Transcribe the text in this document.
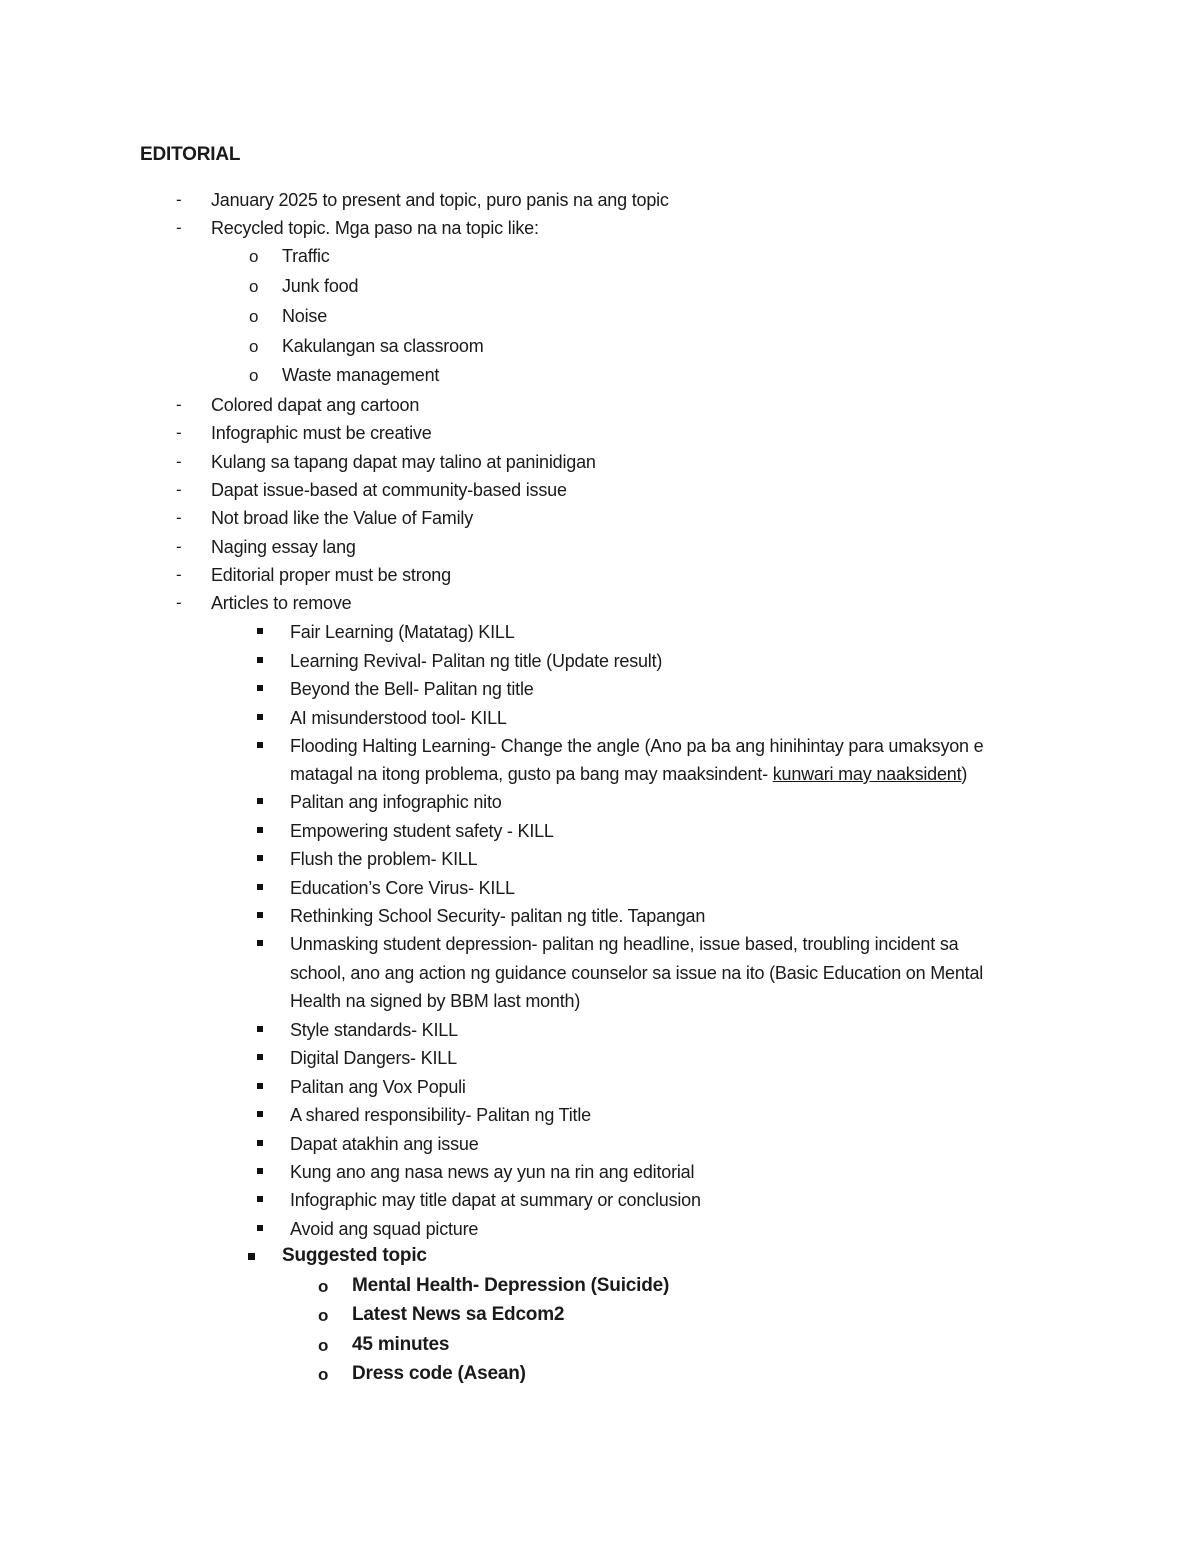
EDITORIAL

- January 2025 to present and topic, puro panis na ang topic

- Recycled topic. Mga paso na na topic like:

o Traffic

o Junk food

o Noise

o Kakulangan sa classroom

o Waste management

- Colored dapat ang cartoon

- Infographic must be creative

- Kulang sa tapang dapat may talino at paninidigan

- Dapat issue-based at community-based issue

- Not broad like the Value of Family

- Naging essay lang

- Editorial proper must be strong

- Articles to remove

Fair Learning (Matatag) KILL

Learning Revival- Palitan ng title (Update result)

Beyond the Bell- Palitan ng title

AI misunderstood tool- KILL

Flooding Halting Learning- Change the angle (Ano pa ba ang hinihintay para umaksyon e

matagal na itong problema, gusto pa bang may maaksindent- kunwari may naaksident)

Palitan ang infographic nito

Empowering student safety - KILL

Flush the problem- KILL

Education’s Core Virus- KILL

Rethinking School Security- palitan ng title. Tapangan

Unmasking student depression- palitan ng headline, issue based, troubling incident sa

school, ano ang action ng guidance counselor sa issue na ito (Basic Education on Mental

Health na signed by BBM last month)

Style standards- KILL

Digital Dangers- KILL

Palitan ang Vox Populi

A shared responsibility- Palitan ng Title

Dapat atakhin ang issue

Kung ano ang nasa news ay yun na rin ang editorial

Infographic may title dapat at summary or conclusion

Avoid ang squad picture

Suggested topic

o Mental Health- Depression (Suicide)

o Latest News sa Edcom2

o 45 minutes

o Dress code (Asean)
